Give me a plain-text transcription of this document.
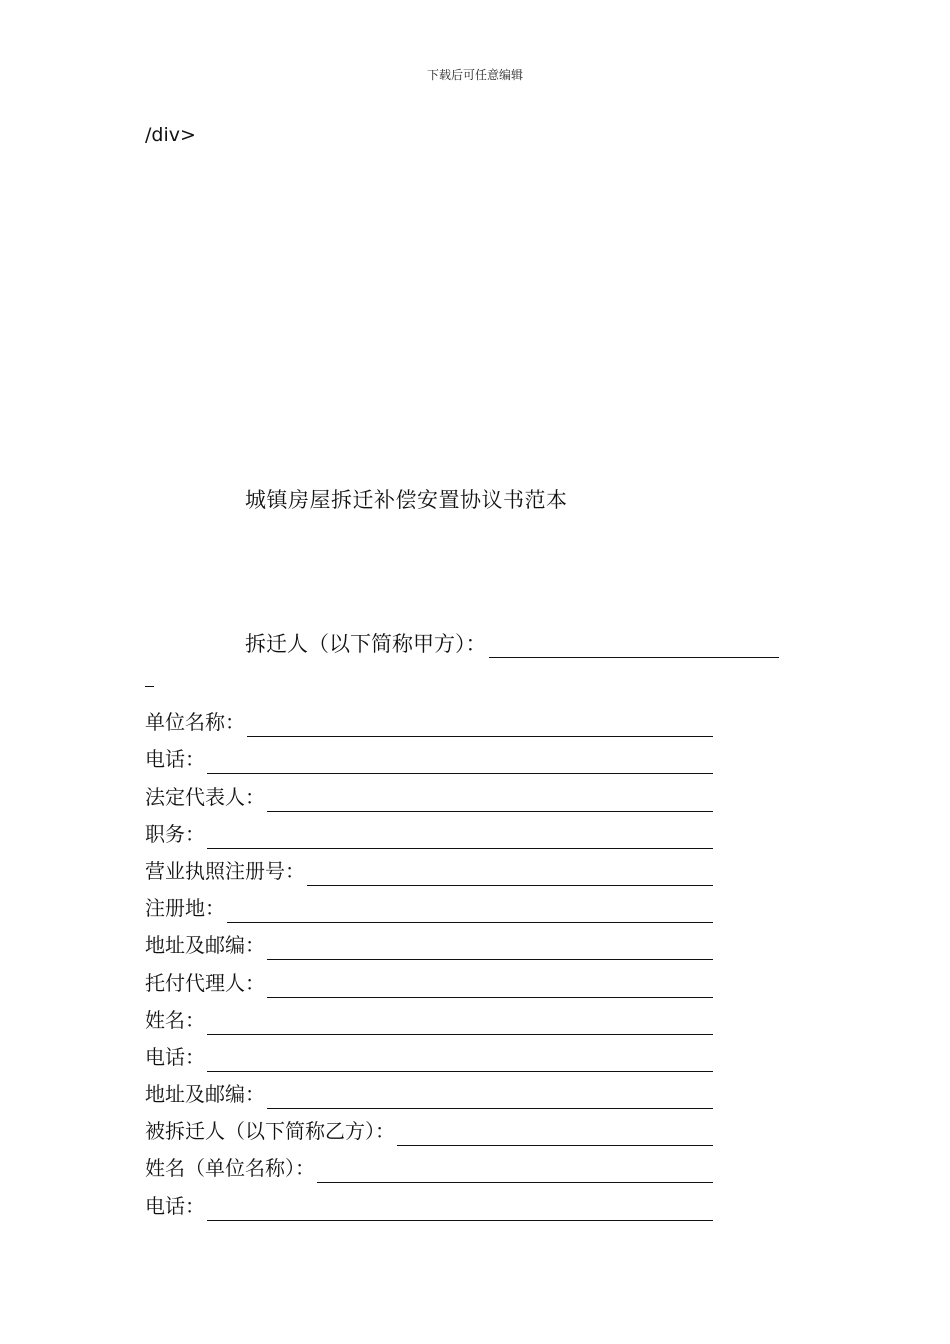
下载后可任意编辑
/div>
城镇房屋拆迁补偿安置协议书范本
拆迁人（以下简称甲方）：
单位名称：
电话：
法定代表人：
职务：
营业执照注册号：
注册地：
地址及邮编：
托付代理人：
姓名：
电话：
地址及邮编：
被拆迁人（以下简称乙方）：
姓名（单位名称）：
电话：
